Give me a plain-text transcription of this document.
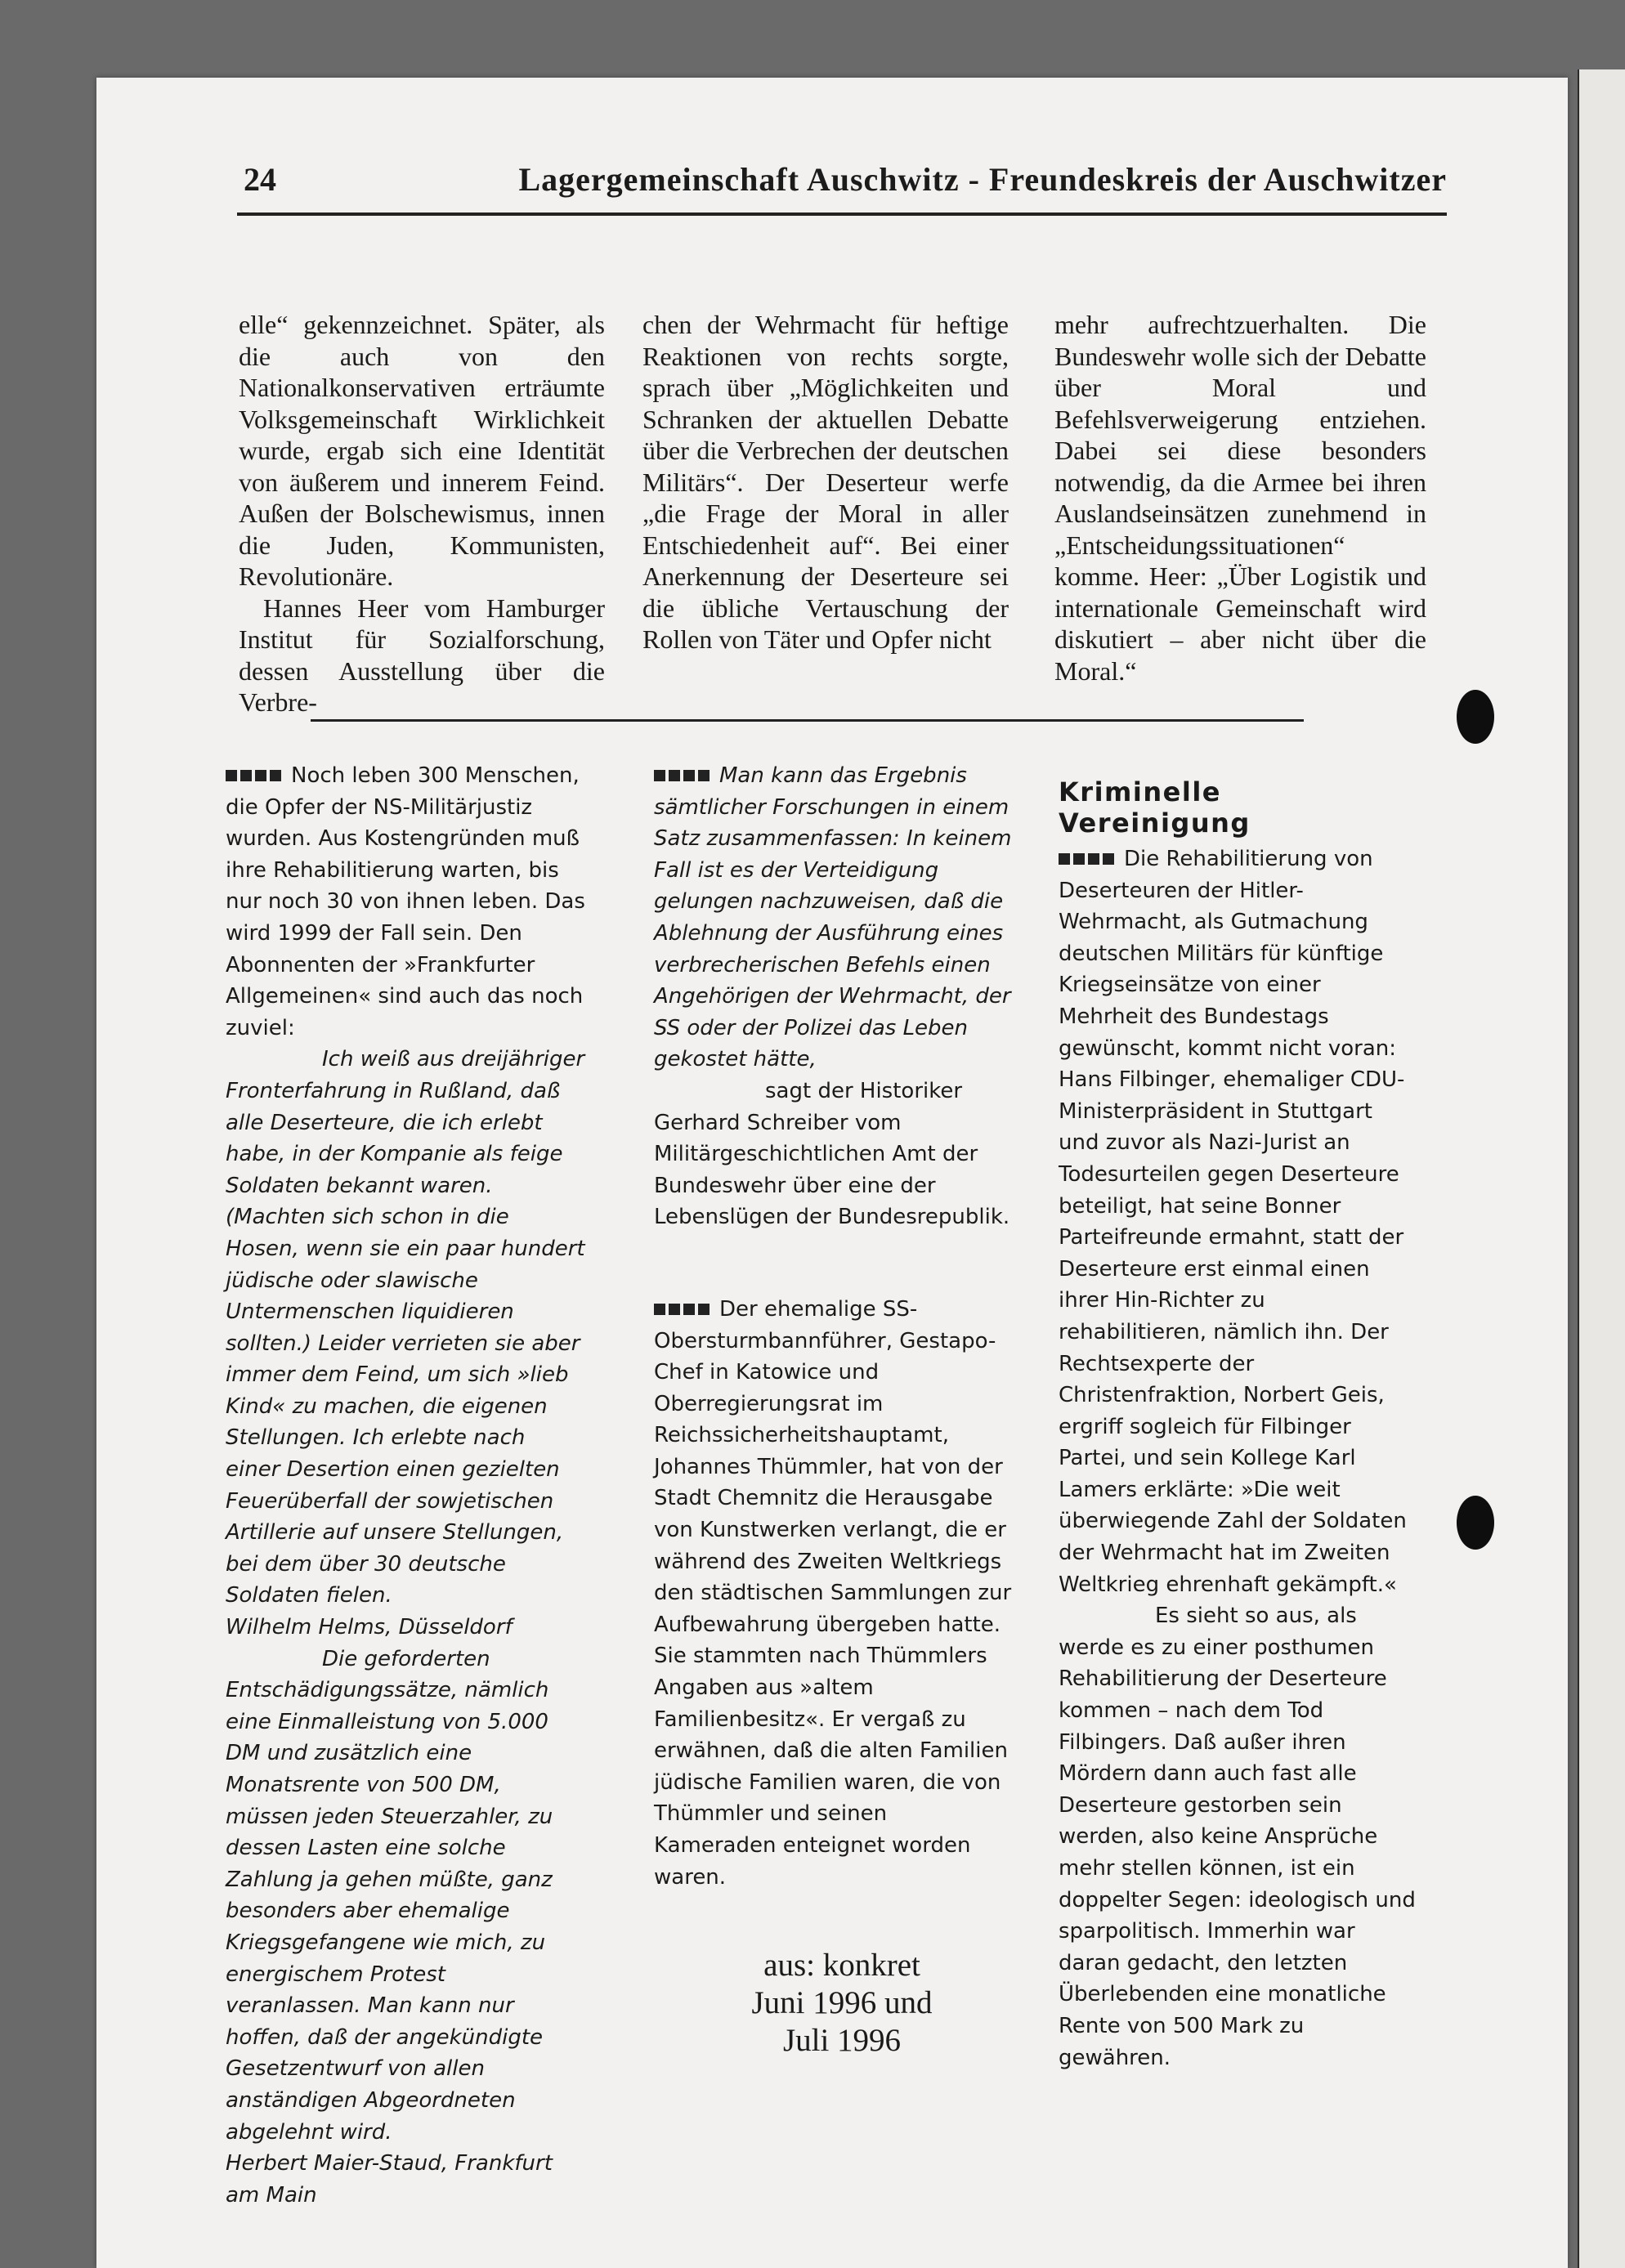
24	Lagergemeinschaft Auschwitz - Freundeskreis der Auschwitzer

elle“ gekennzeichnet. Später, als die auch von den Nationalkonservativen erträumte Volksgemeinschaft Wirklichkeit wurde, ergab sich eine Identität von äußerem und innerem Feind. Außen der Bolschewismus, innen die Juden, Kommunisten, Revolutionäre.

Hannes Heer vom Hamburger Institut für Sozialforschung, dessen Ausstellung über die Verbre-

chen der Wehrmacht für heftige Reaktionen von rechts sorgte, sprach über „Möglichkeiten und Schranken der aktuellen Debatte über die Verbrechen der deutschen Militärs“. Der Deserteur werfe „die Frage der Moral in aller Entschiedenheit auf“. Bei einer Anerkennung der Deserteure sei die übliche Vertauschung der Rollen von Täter und Opfer nicht

mehr aufrechtzuerhalten. Die Bundeswehr wolle sich der Debatte über Moral und Befehlsverweigerung entziehen. Dabei sei diese besonders notwendig, da die Armee bei ihren Auslandseinsätzen zunehmend in „Entscheidungssituationen“ komme. Heer: „Über Logistik und internationale Gemeinschaft wird diskutiert – aber nicht über die Moral.“

Noch leben 300 Menschen, die Opfer der NS-Militärjustiz wurden. Aus Kostengründen muß ihre Rehabilitierung warten, bis nur noch 30 von ihnen leben. Das wird 1999 der Fall sein. Den Abonnenten der »Frankfurter Allgemeinen« sind auch das noch zuviel:

Ich weiß aus dreijähriger Fronterfahrung in Rußland, daß alle Deserteure, die ich erlebt habe, in der Kompanie als feige Soldaten bekannt waren. (Machten sich schon in die Hosen, wenn sie ein paar hundert jüdische oder slawische Untermenschen liquidieren sollten.) Leider verrieten sie aber immer dem Feind, um sich »lieb Kind« zu machen, die eigenen Stellungen. Ich erlebte nach einer Desertion einen gezielten Feuerüberfall der sowjetischen Artillerie auf unsere Stellungen, bei dem über 30 deutsche Soldaten fielen.

Wilhelm Helms, Düsseldorf

Die geforderten Entschädigungssätze, nämlich eine Einmalleistung von 5.000 DM und zusätzlich eine Monatsrente von 500 DM, müssen jeden Steuerzahler, zu dessen Lasten eine solche Zahlung ja gehen müßte, ganz besonders aber ehemalige Kriegsgefangene wie mich, zu energischem Protest veranlassen. Man kann nur hoffen, daß der angekündigte Gesetzentwurf von allen anständigen Abgeordneten abgelehnt wird.

Herbert Maier-Staud, Frankfurt am Main

Man kann das Ergebnis sämtlicher Forschungen in einem Satz zusammenfassen: In keinem Fall ist es der Verteidigung gelungen nachzuweisen, daß die Ablehnung der Ausführung eines verbrecherischen Befehls einen Angehörigen der Wehrmacht, der SS oder der Polizei das Leben gekostet hätte,

sagt der Historiker Gerhard Schreiber vom Militärgeschichtlichen Amt der Bundeswehr über eine der Lebenslügen der Bundesrepublik.

Der ehemalige SS-Obersturmbannführer, Gestapo-Chef in Katowice und Oberregierungsrat im Reichssicherheitshauptamt, Johannes Thümmler, hat von der Stadt Chemnitz die Herausgabe von Kunstwerken verlangt, die er während des Zweiten Weltkriegs den städtischen Sammlungen zur Aufbewahrung übergeben hatte. Sie stammten nach Thümmlers Angaben aus »altem Familienbesitz«. Er vergaß zu erwähnen, daß die alten Familien jüdische Familien waren, die von Thümmler und seinen Kameraden enteignet worden waren.

Kriminelle Vereinigung

Die Rehabilitierung von Deserteuren der Hitler-Wehrmacht, als Gutmachung deutschen Militärs für künftige Kriegseinsätze von einer Mehrheit des Bundestags gewünscht, kommt nicht voran: Hans Filbinger, ehemaliger CDU-Ministerpräsident in Stuttgart und zuvor als Nazi-Jurist an Todesurteilen gegen Deserteure beteiligt, hat seine Bonner Parteifreunde ermahnt, statt der Deserteure erst einmal einen ihrer Hin-Richter zu rehabilitieren, nämlich ihn. Der Rechtsexperte der Christenfraktion, Norbert Geis, ergriff sogleich für Filbinger Partei, und sein Kollege Karl Lamers erklärte: »Die weit überwiegende Zahl der Soldaten der Wehrmacht hat im Zweiten Weltkrieg ehrenhaft gekämpft.«

Es sieht so aus, als werde es zu einer posthumen Rehabilitierung der Deserteure kommen – nach dem Tod Filbingers. Daß außer ihren Mördern dann auch fast alle Deserteure gestorben sein werden, also keine Ansprüche mehr stellen können, ist ein doppelter Segen: ideologisch und sparpolitisch. Immerhin war daran gedacht, den letzten Überlebenden eine monatliche Rente von 500 Mark zu gewähren.

aus: konkret
Juni 1996 und
Juli 1996
